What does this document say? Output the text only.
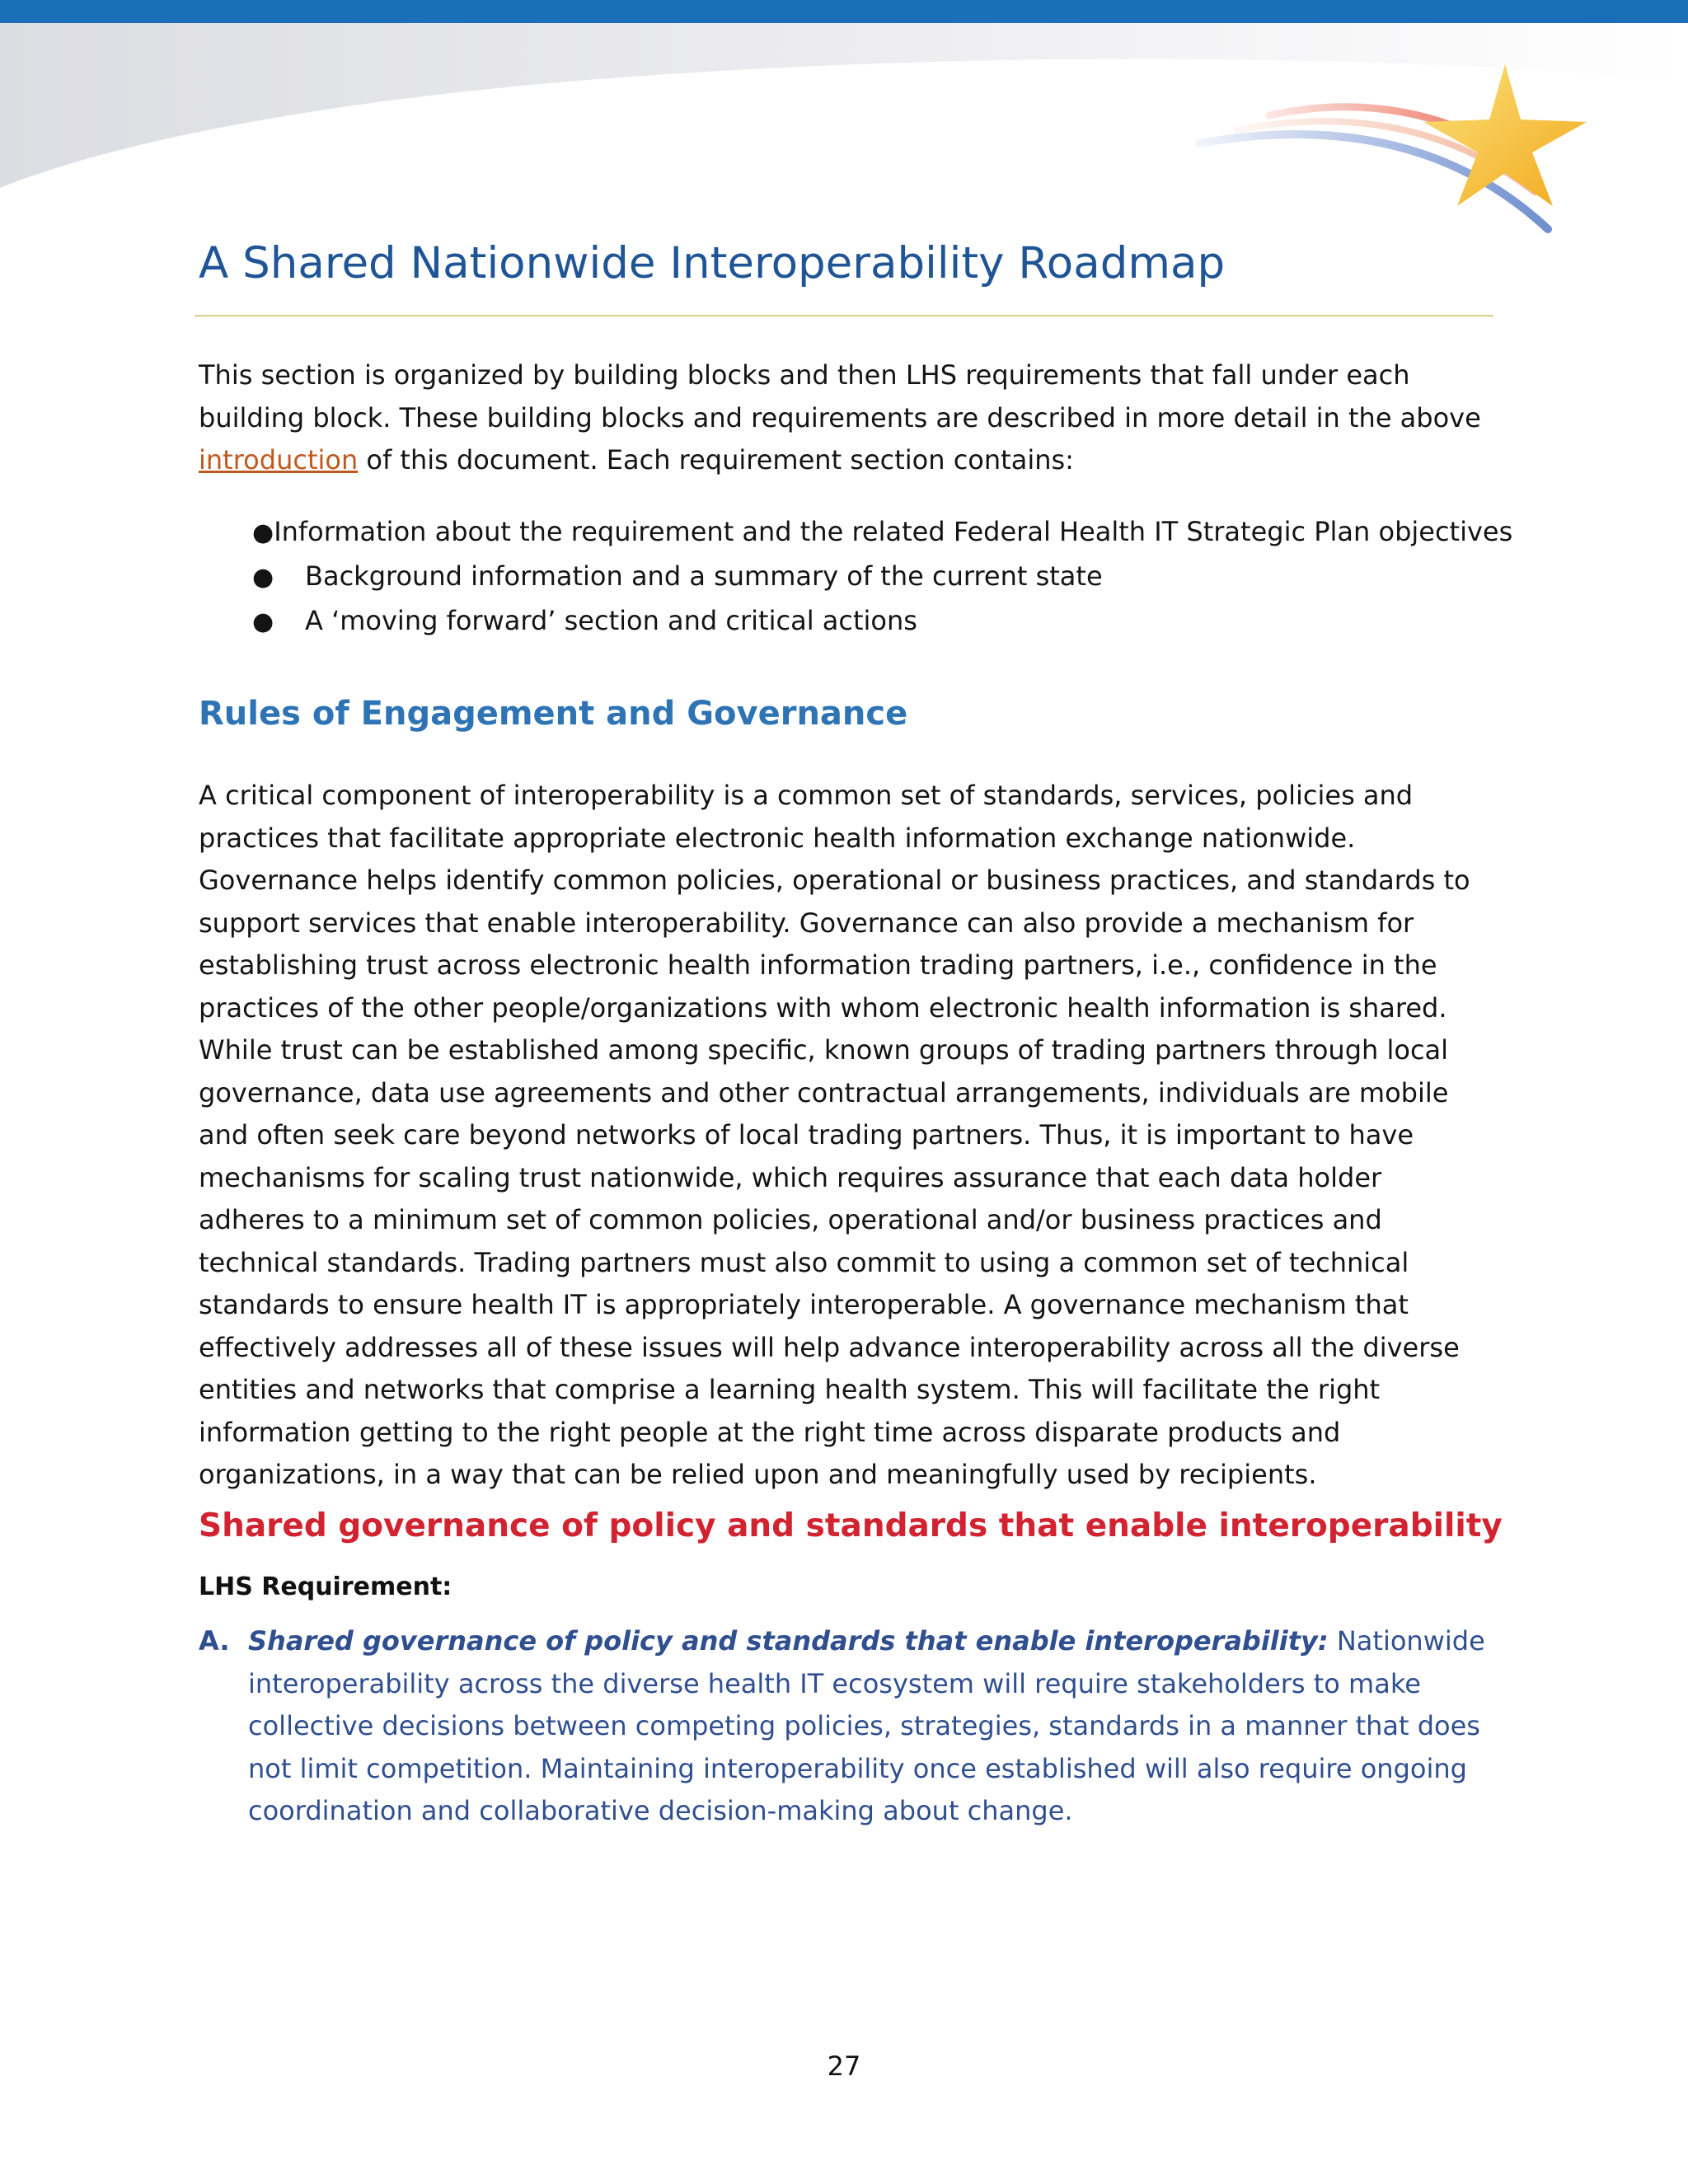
A Shared Nationwide Interoperability Roadmap

This section is organized by building blocks and then LHS requirements that fall under each building block. These building blocks and requirements are described in more detail in the above introduction of this document. Each requirement section contains:

● Information about the requirement and the related Federal Health IT Strategic Plan objectives
●	Background information and a summary of the current state
●	A ‘moving forward’ section and critical actions
Rules of Engagement and Governance

A critical component of interoperability is a common set of standards, services, policies and practices that facilitate appropriate electronic health information exchange nationwide. Governance helps identify common policies, operational or business practices, and standards to support services that enable interoperability. Governance can also provide a mechanism for establishing trust across electronic health information trading partners, i.e., confidence in the practices of the other people/organizations with whom electronic health information is shared. While trust can be established among specific, known groups of trading partners through local governance, data use agreements and other contractual arrangements, individuals are mobile and often seek care beyond networks of local trading partners. Thus, it is important to have mechanisms for scaling trust nationwide, which requires assurance that each data holder adheres to a minimum set of common policies, operational and/or business practices and technical standards. Trading partners must also commit to using a common set of technical standards to ensure health IT is appropriately interoperable. A governance mechanism that effectively addresses all of these issues will help advance interoperability across all the diverse entities and networks that comprise a learning health system. This will facilitate the right information getting to the right people at the right time across disparate products and organizations, in a way that can be relied upon and meaningfully used by recipients.

Shared governance of policy and standards that enable interoperability

LHS Requirement:

A. Shared governance of policy and standards that enable interoperability: Nationwide interoperability across the diverse health IT ecosystem will require stakeholders to make collective decisions between competing policies, strategies, standards in a manner that does not limit competition. Maintaining interoperability once established will also require ongoing coordination and collaborative decision-making about change.

27
